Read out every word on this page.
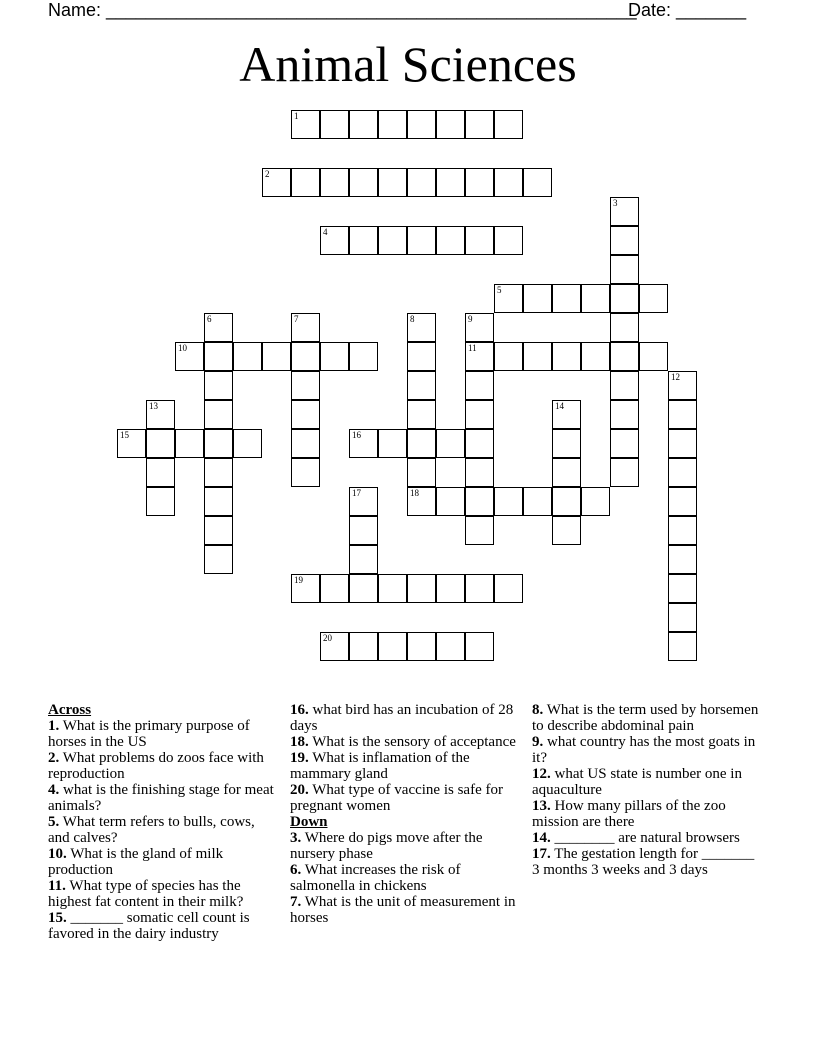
Name: _____________________________________________________
Date: _______
Animal Sciences
1
2
4
5
10	11
15	16
18
19
20
3
6	7	8	9
12
13	14
17
Across
1. What is the primary purpose of horses in the US
2. What problems do zoos face with reproduction
4. what is the finishing stage for meat animals?
5. What term refers to bulls, cows, and calves?
10. What is the gland of milk production
11. What type of species has the highest fat content in their milk?
15. _______ somatic cell count is favored in the dairy industry
16. what bird has an incubation of 28 days
18. What is the sensory of acceptance
19. What is inflamation of the mammary gland
20. What type of vaccine is safe for pregnant women
Down
3. Where do pigs move after the nursery phase
6. What increases the risk of salmonella in chickens
7. What is the unit of measurement in horses
8. What is the term used by horsemen to describe abdominal pain
9. what country has the most goats in it?
12. what US state is number one in aquaculture
13. How many pillars of the zoo mission are there
14. ________ are natural browsers
17. The gestation length for _______ 3 months 3 weeks and 3 days
